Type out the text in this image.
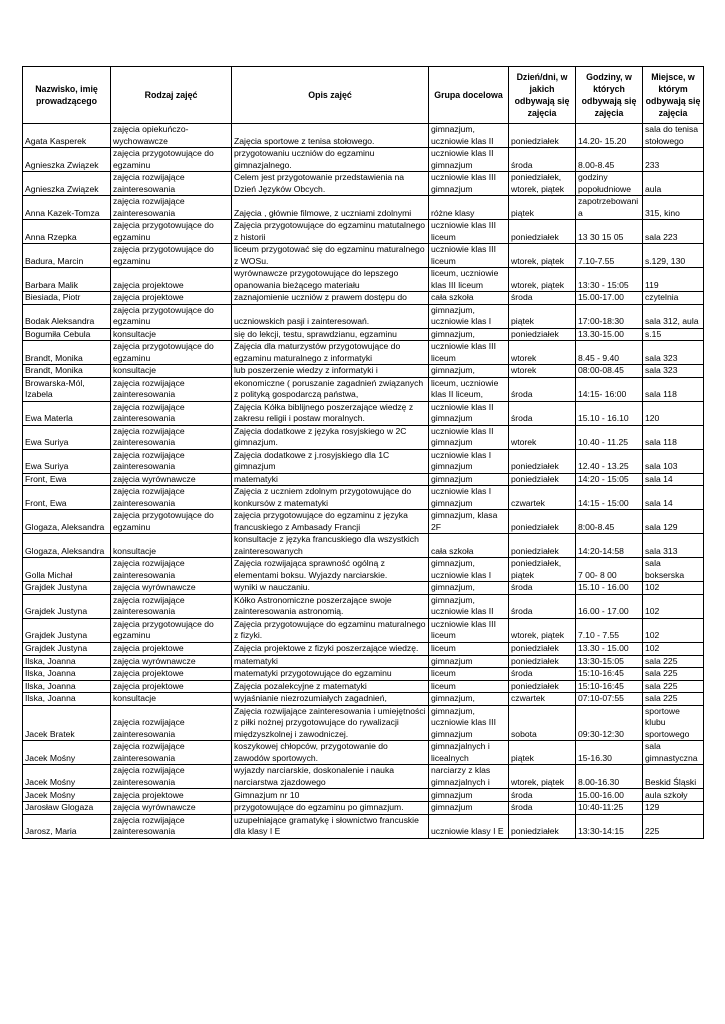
Nazwisko, imię prowadzącego	Rodzaj zajęć	Opis zajęć	Grupa docelowa	Dzień/dni, w jakich odbywają się zajęcia	Godziny, w których odbywają się zajęcia	Miejsce, w którym odbywają się zajęcia
Agata Kasperek	zajęcia opiekuńczo-wychowawcze	Zajęcia sportowe z tenisa stołowego.	gimnazjum, uczniowie klas II	poniedziałek	14.20- 15.20	sala do tenisa stołowego
Agnieszka Związek	zajęcia przygotowujące do egzaminu	przygotowaniu uczniów do egzaminu gimnazjalnego.	uczniowie klas II gimnazjum	środa	8.00-8.45	233
Agnieszka Związek	zajęcia rozwijające zainteresowania	Celem jest przygotowanie przedstawienia na Dzień Języków Obcych.	uczniowie klas III gimnazjum	poniedziałek, wtorek, piątek	godziny popołudniowe	aula
Anna Kazek-Tomza	zajęcia rozwijające zainteresowania	Zajęcia , głównie filmowe, z uczniami zdolnymi	różne klasy	piątek	zapotrzebowani a	315, kino
Anna Rzepka	zajęcia przygotowujące do egzaminu	Zajęcia przygotowujące do egzaminu matutalnego z historii	uczniowie klas III liceum	poniedziałek	13 30 15 05	sala 223
Badura, Marcin	zajęcia przygotowujące do egzaminu	liceum przygotować się do egzaminu maturalnego z WOSu.	uczniowie klas III liceum	wtorek, piątek	7.10-7.55	s.129, 130
Barbara Malik	zajęcia projektowe	wyrównawcze przygotowujące do lepszego opanowania bieżącego materiału	liceum, uczniowie klas III liceum	wtorek, piątek	13:30 - 15:05	119
Biesiada, Piotr	zajęcia projektowe	zaznajomienie uczniów z prawem dostępu do	cała szkoła	środa	15.00-17.00	czytelnia
Bodak Aleksandra	zajęcia przygotowujące do egzaminu	uczniowskich pasji i zainteresowań.	gimnazjum, uczniowie klas I	piątek	17:00-18:30	sala 312, aula
Bogumiła Cebula	konsultacje	się do lekcji, testu, sprawdzianu, egzaminu	gimnazjum,	poniedziałek	13.30-15.00	s.15
Brandt, Monika	zajęcia przygotowujące do egzaminu	Zajęcia dla maturzystów przygotowujące do egzaminu maturalnego z informatyki	uczniowie klas III liceum	wtorek	8.45 - 9.40	sala 323
Brandt, Monika	konsultacje	lub poszerzenie wiedzy z informatyki i	gimnazjum,	wtorek	08:00-08.45	sala 323
Browarska-Mól, Izabela	zajęcia rozwijające zainteresowania	ekonomiczne ( poruszanie zagadnień związanych z polityką gospodarczą państwa,	liceum, uczniowie klas II liceum,	środa	14:15- 16:00	sala 118
Ewa Materla	zajęcia rozwijające zainteresowania	Zajęcia Kółka biblijnego poszerzające wiedzę z zakresu religii i postaw moralnych.	uczniowie klas II gimnazjum	środa	15.10 - 16.10	120
Ewa Suriya	zajęcia rozwijające zainteresowania	Zajęcia dodatkowe z języka rosyjskiego w 2C gimnazjum.	uczniowie klas II gimnazjum	wtorek	10.40 - 11.25	sala 118
Ewa Suriya	zajęcia rozwijające zainteresowania	Zajęcia dodatkowe z j.rosyjskiego dla 1C gimnazjum	uczniowie klas I gimnazjum	poniedziałek	12.40 - 13.25	sala 103
Front, Ewa	zajęcia wyrównawcze	matematyki	gimnazjum	poniedziałek	14:20 - 15:05	sala 14
Front, Ewa	zajęcia rozwijające zainteresowania	Zajęcia z uczniem zdolnym przygotowujące do konkursów z matematyki	uczniowie klas I gimnazjum	czwartek	14:15 - 15:00	sala 14
Glogaza, Aleksandra	zajęcia przygotowujące do egzaminu	zajęcia przygotowujące do egzaminu z języka francuskiego z Ambasady Francji	gimnazjum, klasa 2F	poniedziałek	8:00-8.45	sala 129
Glogaza, Aleksandra	konsultacje	konsultacje z języka francuskiego dla wszystkich zainteresowanych	cała szkoła	poniedziałek	14:20-14:58	sala 313
Golla Michał	zajęcia rozwijające zainteresowania	Zajęcia rozwijająca sprawność ogólną z elementami boksu. Wyjazdy narciarskie.	gimnazjum, uczniowie klas I	poniedziałek, piątek	7 00- 8 00	sala bokserska
Grajdek Justyna	zajęcia wyrównawcze	wyniki w nauczaniu.	gimnazjum,	środa	15.10 - 16.00	102
Grajdek Justyna	zajęcia rozwijające zainteresowania	Kółko Astronomiczne poszerzające swoje zainteresowania astronomią.	gimnazjum, uczniowie klas II	środa	16.00 - 17.00	102
Grajdek Justyna	zajęcia przygotowujące do egzaminu	Zajęcia przygotowujące do egzaminu maturalnego z fizyki.	uczniowie klas III liceum	wtorek, piątek	7.10 - 7.55	102
Grajdek Justyna	zajęcia projektowe	Zajęcia projektowe z fizyki poszerzające wiedzę.	liceum	poniedziałek	13.30 - 15.00	102
Ilska, Joanna	zajęcia wyrównawcze	matematyki	gimnazjum	poniedziałek	13:30-15:05	sala 225
Ilska, Joanna	zajęcia projektowe	matematyki przygotowujące do egzaminu	liceum	środa	15:10-16:45	sala 225
Ilska, Joanna	zajęcia projektowe	Zajęcia pozalekcyjne z matematyki	liceum	poniedziałek	15:10-16:45	sala 225
Ilska, Joanna	konsultacje	wyjaśnianie niezrozumiałych zagadnień,	gimnazjum,	czwartek	07:10-07:55	sala 225
Jacek Bratek	zajęcia rozwijające zainteresowania	Zajęcia rozwijające zainteresowania i umiejętności z piłki nożnej przygotowujące do rywalizacji międzyszkolnej i zawodniczej.	gimnazjum, uczniowie klas III gimnazjum	sobota	09:30-12:30	sportowe klubu sportowego
Jacek Mośny	zajęcia rozwijające zainteresowania	koszykowej chłopców, przygotowanie do zawodów sportowych.	gimnazjalnych i licealnych	piątek	15-16.30	sala gimnastyczna
Jacek Mośny	zajęcia rozwijające zainteresowania	wyjazdy narciarskie, doskonalenie i nauka narciarstwa zjazdowego	narciarzy z klas gimnazjalnych i	wtorek, piątek	8.00-16.30	Beskid Śląski
Jacek Mośny	zajęcia projektowe	Gimnazjum nr 10	gimnazjum	środa	15.00-16.00	aula szkoły
Jarosław Glogaza	zajęcia wyrównawcze	przygotowujące do egzaminu po gimnazjum.	gimnazjum	środa	10:40-11:25	129
Jarosz, Maria	zajęcia rozwijające zainteresowania	uzupełniające gramatykę i słownictwo francuskie dla klasy I E	uczniowie klasy I E	poniedziałek	13:30-14:15	225
